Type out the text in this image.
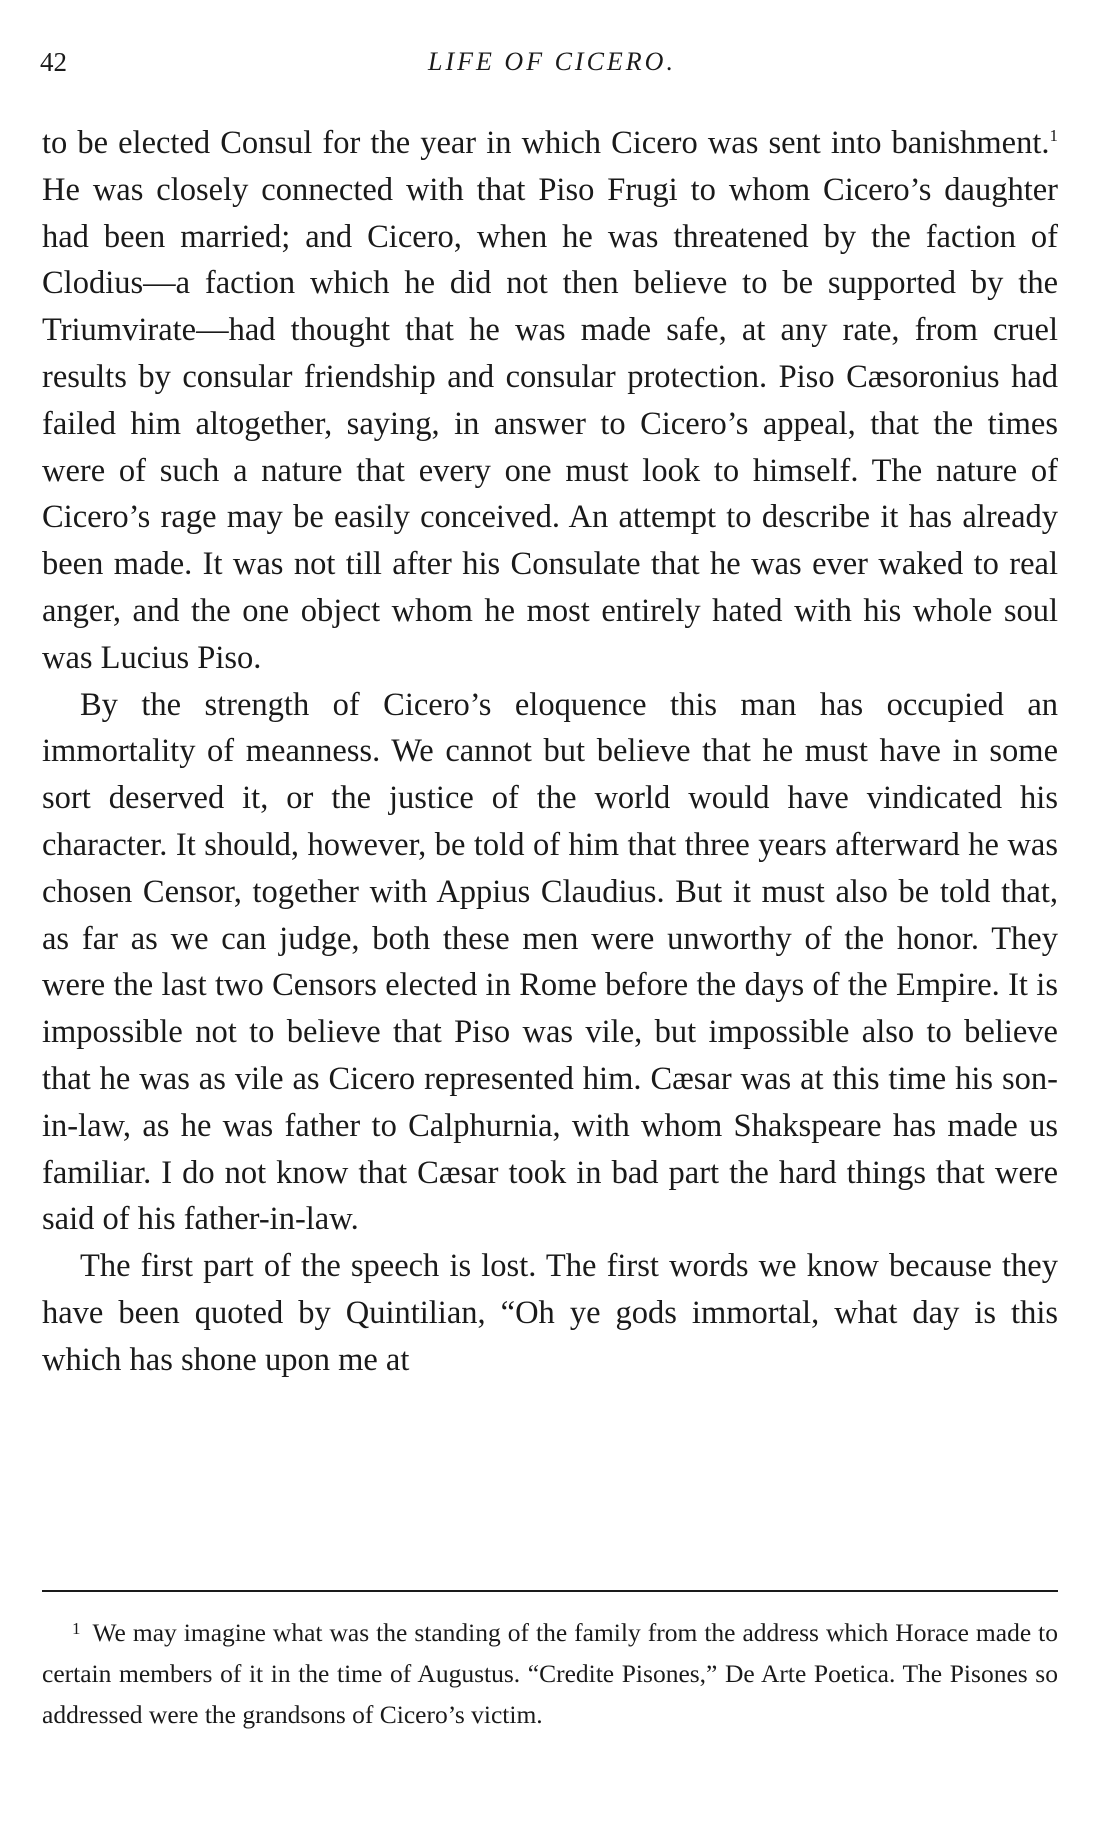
42	LIFE OF CICERO.

to be elected Consul for the year in which Cicero was sent into banishment.$^1$ He was closely connected with that Piso Frugi to whom Cicero’s daughter had been married; and Cicero, when he was threatened by the faction of Clodius—a faction which he did not then believe to be supported by the Triumvirate—had thought that he was made safe, at any rate, from cruel results by consular friendship and consular protection. Piso Cæsoronius had failed him altogether, saying, in answer to Cicero’s appeal, that the times were of such a nature that every one must look to himself. The nature of Cicero’s rage may be easily conceived. An attempt to describe it has already been made. It was not till after his Consulate that he was ever waked to real anger, and the one object whom he most entirely hated with his whole soul was Lucius Piso.

By the strength of Cicero’s eloquence this man has occupied an immortality of meanness. We cannot but believe that he must have in some sort deserved it, or the justice of the world would have vindicated his character. It should, however, be told of him that three years afterward he was chosen Censor, together with Appius Claudius. But it must also be told that, as far as we can judge, both these men were unworthy of the honor. They were the last two Censors elected in Rome before the days of the Empire. It is impossible not to believe that Piso was vile, but impossible also to believe that he was as vile as Cicero represented him. Cæsar was at this time his son-in-law, as he was father to Calphurnia, with whom Shakspeare has made us familiar. I do not know that Cæsar took in bad part the hard things that were said of his father-in-law.

The first part of the speech is lost. The first words we know because they have been quoted by Quintilian, “Oh ye gods immortal, what day is this which has shone upon me at

$^1$ We may imagine what was the standing of the family from the address which Horace made to certain members of it in the time of Augustus. “Credite Pisones,” De Arte Poetica. The Pisones so addressed were the grandsons of Cicero’s victim.
